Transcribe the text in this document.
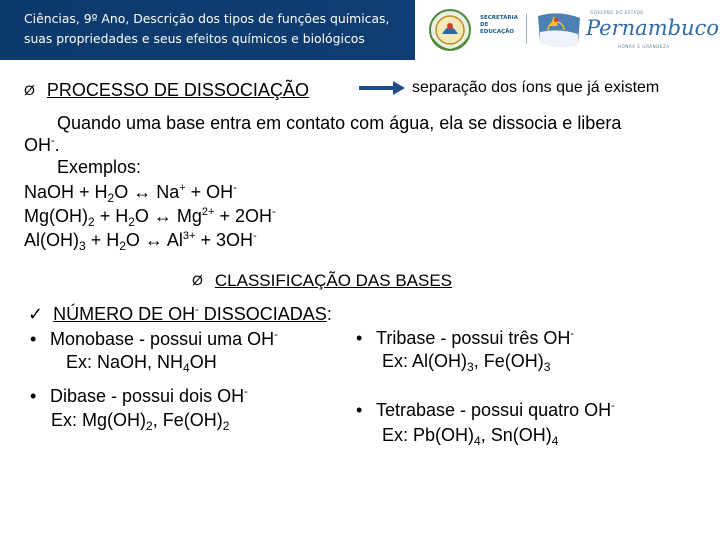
Ciências, 9º Ano, Descrição dos tipos de funções químicas,
suas propriedades e seus efeitos químicos e biológicos
SECRETARIA
DE EDUCAÇÃO
GOVERNO DO ESTADO
Pernambuco
HONRA E GRANDEZA
Ø PROCESSO DE DISSOCIAÇÃO	separação dos íons que já existem
Quando uma base entra em contato com água, ela se dissocia e libera
OH-.
Exemplos:
NaOH + $H_2O$ ↔ Na+ + OH-
$Mg(OH)_2 + H_2O$ ↔ $Mg^{2+} + 2OH^-$
$Al(OH)_3 + H_2O$ ↔ $Al^{3+} + 3OH^-$
Ø CLASSIFICAÇÃO DAS BASES
✓ NÚMERO DE OH- DISSOCIADAS:
• Monobase - possui uma OH-
Ex: NaOH, $NH_4OH$
• Dibase - possui dois OH-
Ex: $Mg(OH)_2$, $Fe(OH)_2$
• Tribase - possui três OH-
Ex: $Al(OH)_3$, $Fe(OH)_3$
• Tetrabase - possui quatro OH-
Ex: $Pb(OH)_4$, $Sn(OH)_4$
